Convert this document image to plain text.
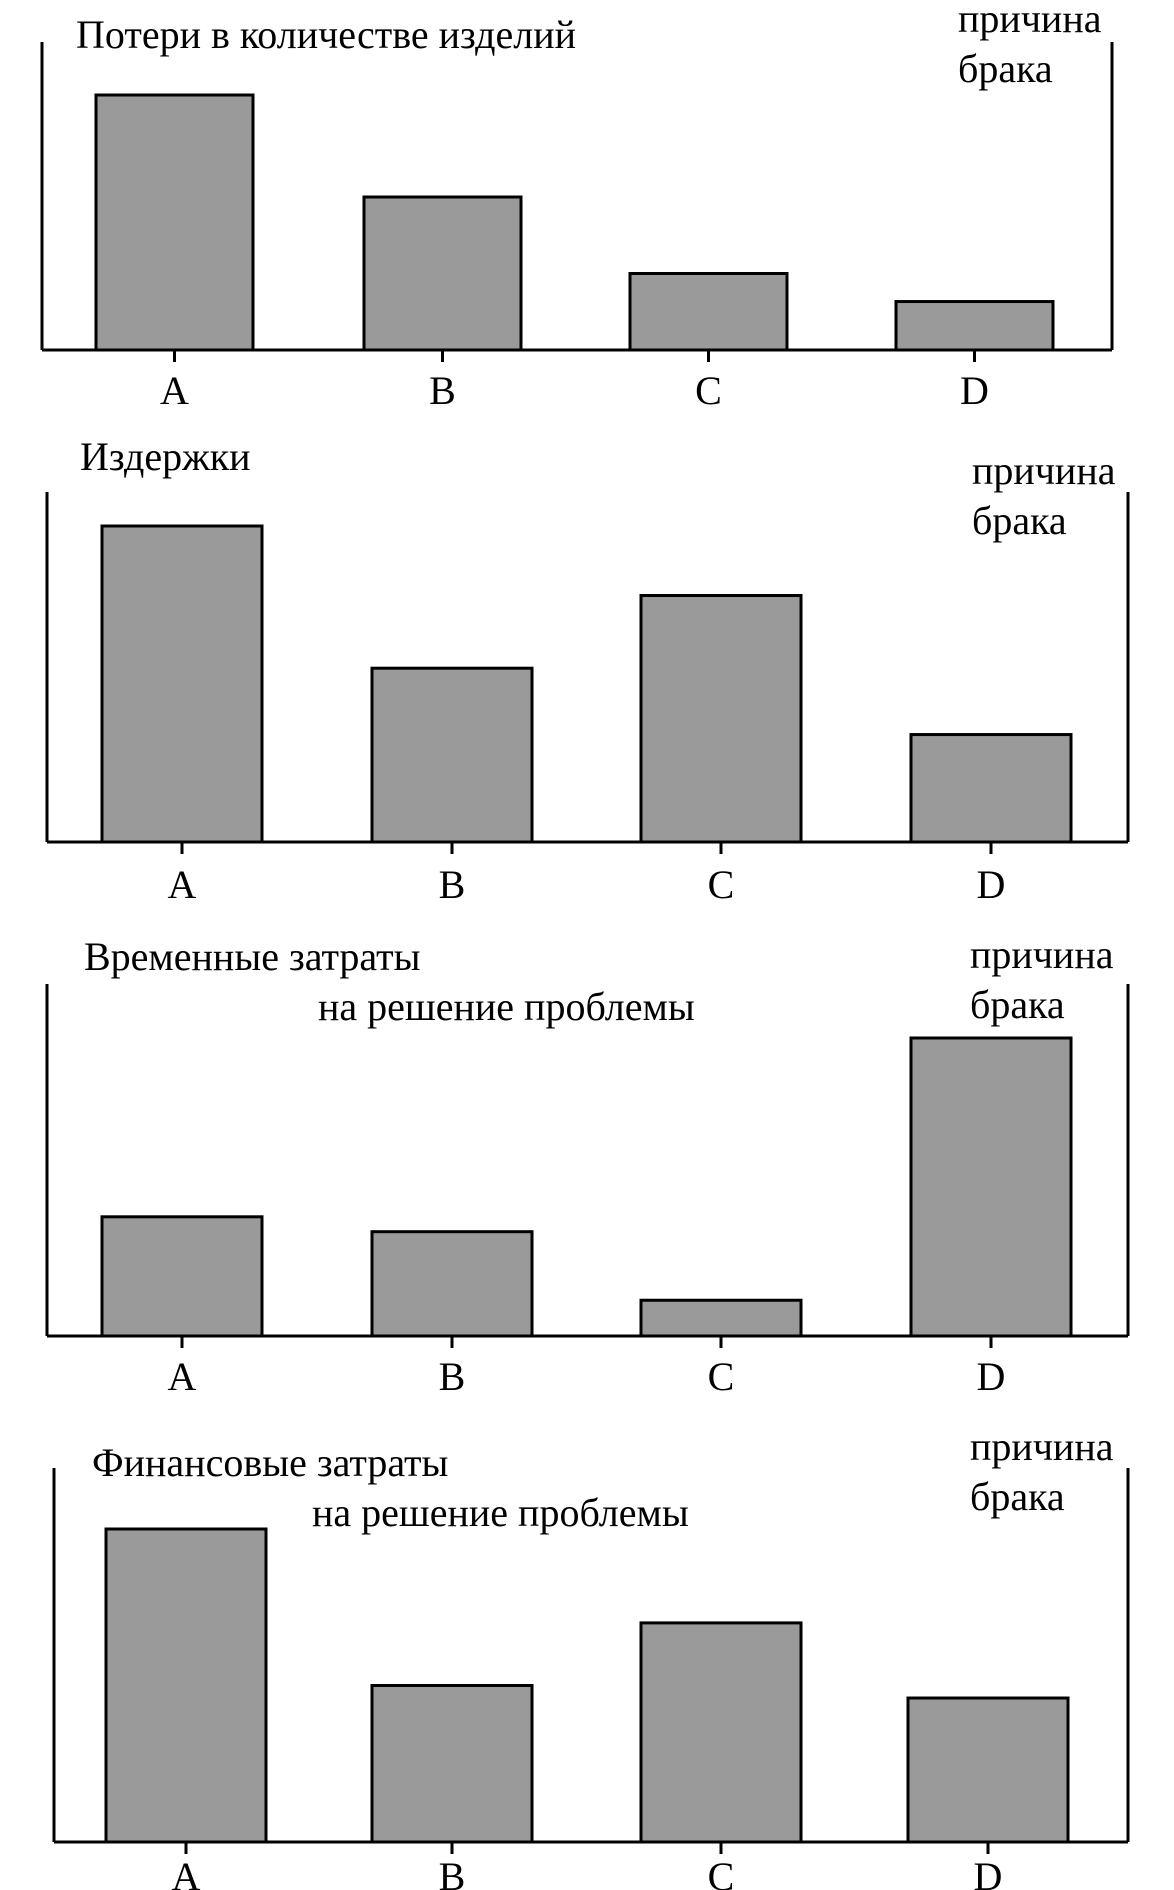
A	B	C	D
Потери в количестве изделий	причина
брака
A	B	C	D
Издержки	причина
брака
A	B	C	D
Временные затраты
на решение проблемы
причина
брака
A	B	C	D
Финансовые затраты
на решение проблемы
причина
брака
